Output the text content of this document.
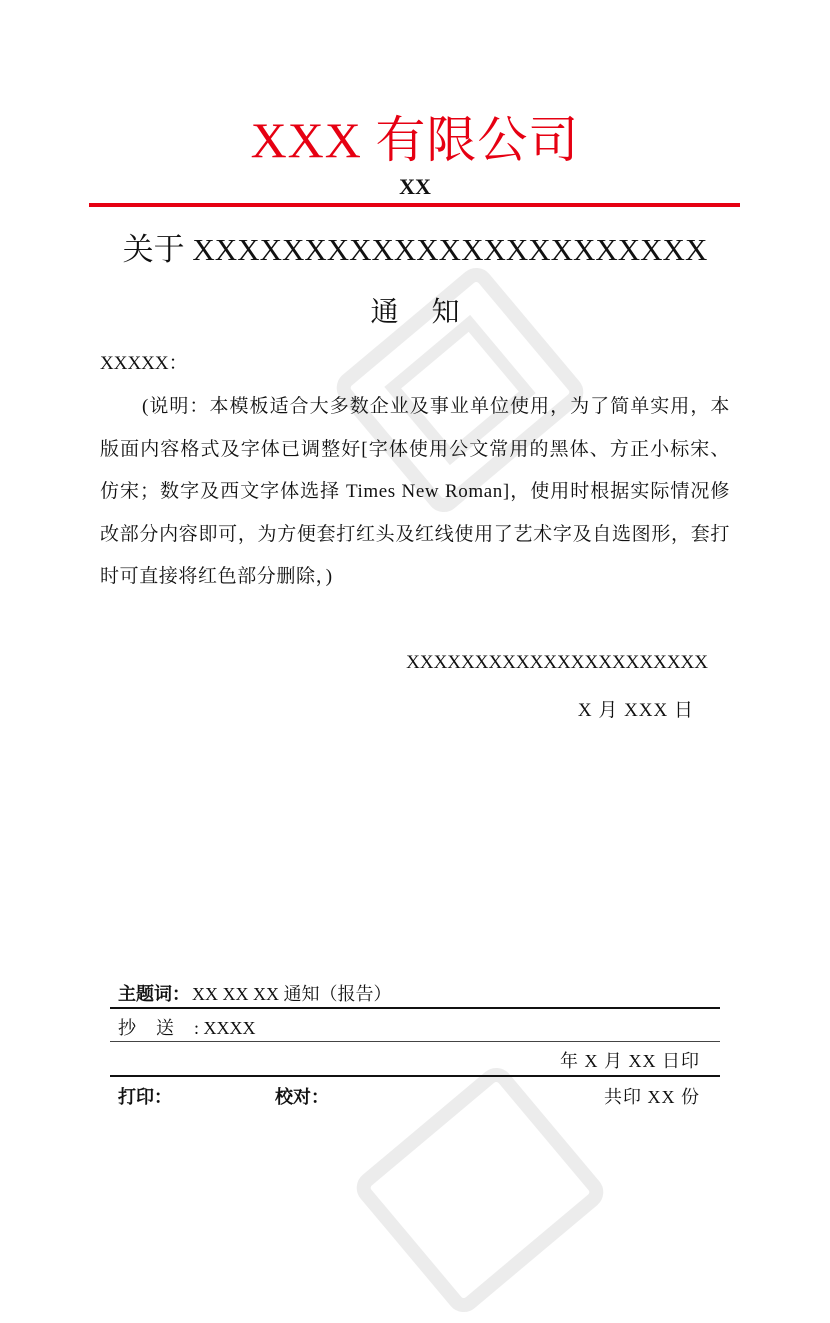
XXX 有限公司
XX
关于 XXXXXXXXXXXXXXXXXXXXXXX
通 知
XXXXX：
(说明：本模板适合大多数企业及事业单位使用，为了简单实用，本版面内容格式及字体已调整好[字体使用公文常用的黑体、方正小标宋、仿宋；数字及西文字体选择 Times New Roman]，使用时根据实际情况修改部分内容即可，为方便套打红头及红线使用了艺术字及自选图形，套打时可直接将红色部分删除，)
XXXXXXXXXXXXXXXXXXXXXX
X 月 XXX 日
主题词： XX XX XX 通知（报告）
抄送: XXXX
年 X 月 XX 日印
打印：	校对：	共印 XX 份
